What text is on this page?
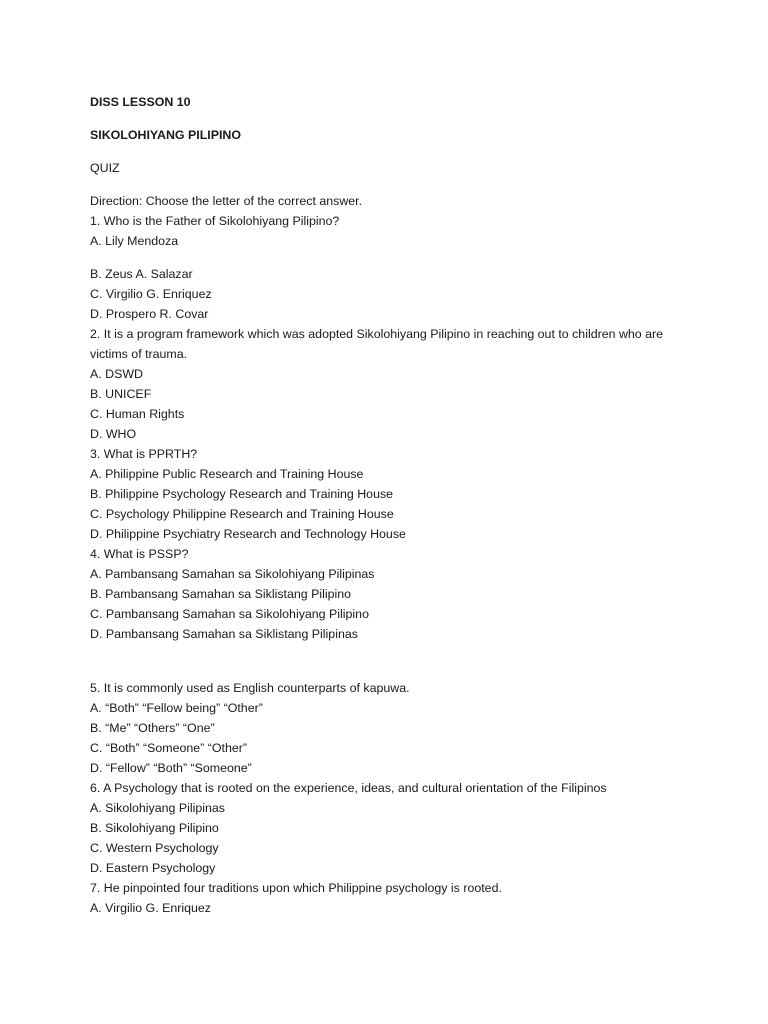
DISS LESSON 10
SIKOLOHIYANG PILIPINO
QUIZ
Direction: Choose the letter of the correct answer.
1. Who is the Father of Sikolohiyang Pilipino?
A. Lily Mendoza
B. Zeus A. Salazar
C. Virgilio G. Enriquez
D. Prospero R. Covar
2. It is a program framework which was adopted Sikolohiyang Pilipino in reaching out to children who are victims of trauma.
A. DSWD
B. UNICEF
C. Human Rights
D. WHO
3. What is PPRTH?
A. Philippine Public Research and Training House
B. Philippine Psychology Research and Training House
C. Psychology Philippine Research and Training House
D. Philippine Psychiatry Research and Technology House
4. What is PSSP?
A. Pambansang Samahan sa Sikolohiyang Pilipinas
B. Pambansang Samahan sa Siklistang Pilipino
C. Pambansang Samahan sa Sikolohiyang Pilipino
D. Pambansang Samahan sa Siklistang Pilipinas
5. It is commonly used as English counterparts of kapuwa.
A. “Both” “Fellow being” “Other”
B. “Me” “Others” “One”
C. “Both” “Someone” “Other”
D. “Fellow” “Both” “Someone”
6. A Psychology that is rooted on the experience, ideas, and cultural orientation of the Filipinos
A. Sikolohiyang Pilipinas
B. Sikolohiyang Pilipino
C. Western Psychology
D. Eastern Psychology
7. He pinpointed four traditions upon which Philippine psychology is rooted.
A. Virgilio G. Enriquez
